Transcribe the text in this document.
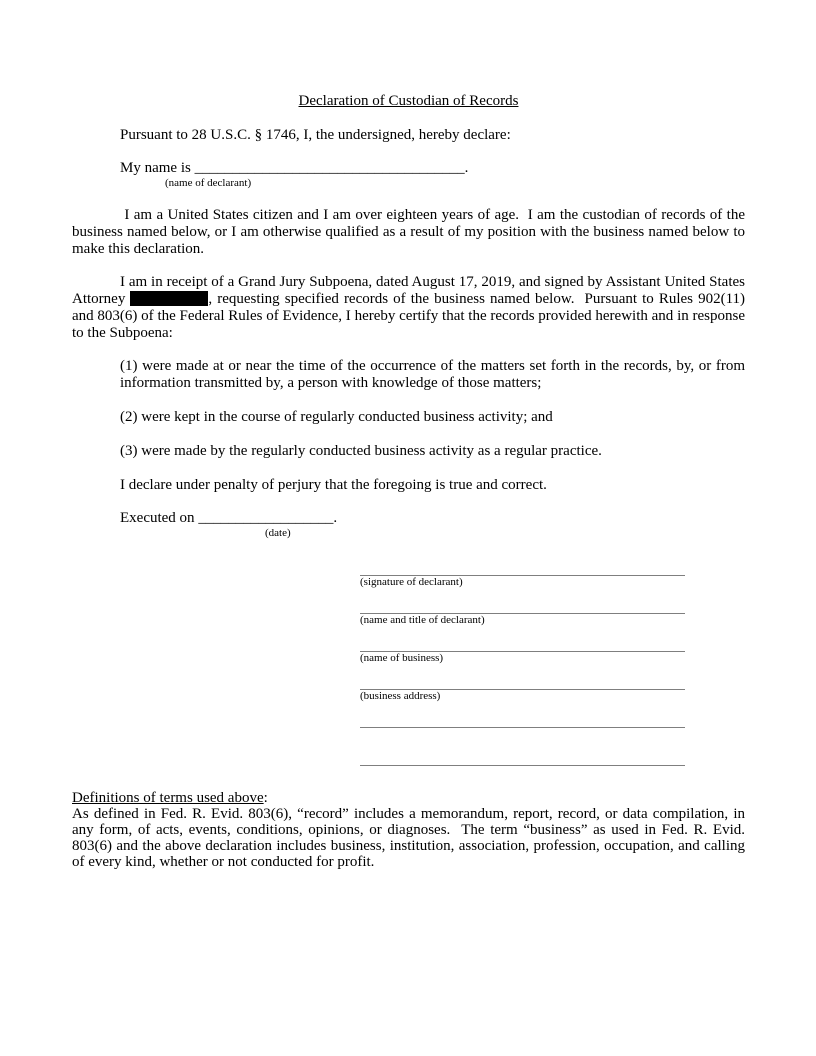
Declaration of Custodian of Records

Pursuant to 28 U.S.C. § 1746, I, the undersigned, hereby declare:

My name is ____________________________________.

(name of declarant)

I am a United States citizen and I am over eighteen years of age.  I am the custodian of records of the business named below, or I am otherwise qualified as a result of my position with the business named below to make this declaration.

I am in receipt of a Grand Jury Subpoena, dated August 17, 2019, and signed by Assistant United States Attorney	, requesting specified records of the business named below.  Pursuant to Rules 902(11) and 803(6) of the Federal Rules of Evidence, I hereby certify that the records provided herewith and in response to the Subpoena:

(1) were made at or near the time of the occurrence of the matters set forth in the records, by, or from information transmitted by, a person with knowledge of those matters;

(2) were kept in the course of regularly conducted business activity; and

(3) were made by the regularly conducted business activity as a regular practice.

I declare under penalty of perjury that the foregoing is true and correct.

Executed on __________________.

(date)
(signature of declarant)
(name and title of declarant)
(name of business)
(business address)
Definitions of terms used above:

As defined in Fed. R. Evid. 803(6), “record” includes a memorandum, report, record, or data compilation, in any form, of acts, events, conditions, opinions, or diagnoses.  The term “business” as used in Fed. R. Evid. 803(6) and the above declaration includes business, institution, association, profession, occupation, and calling of every kind, whether or not conducted for profit.
